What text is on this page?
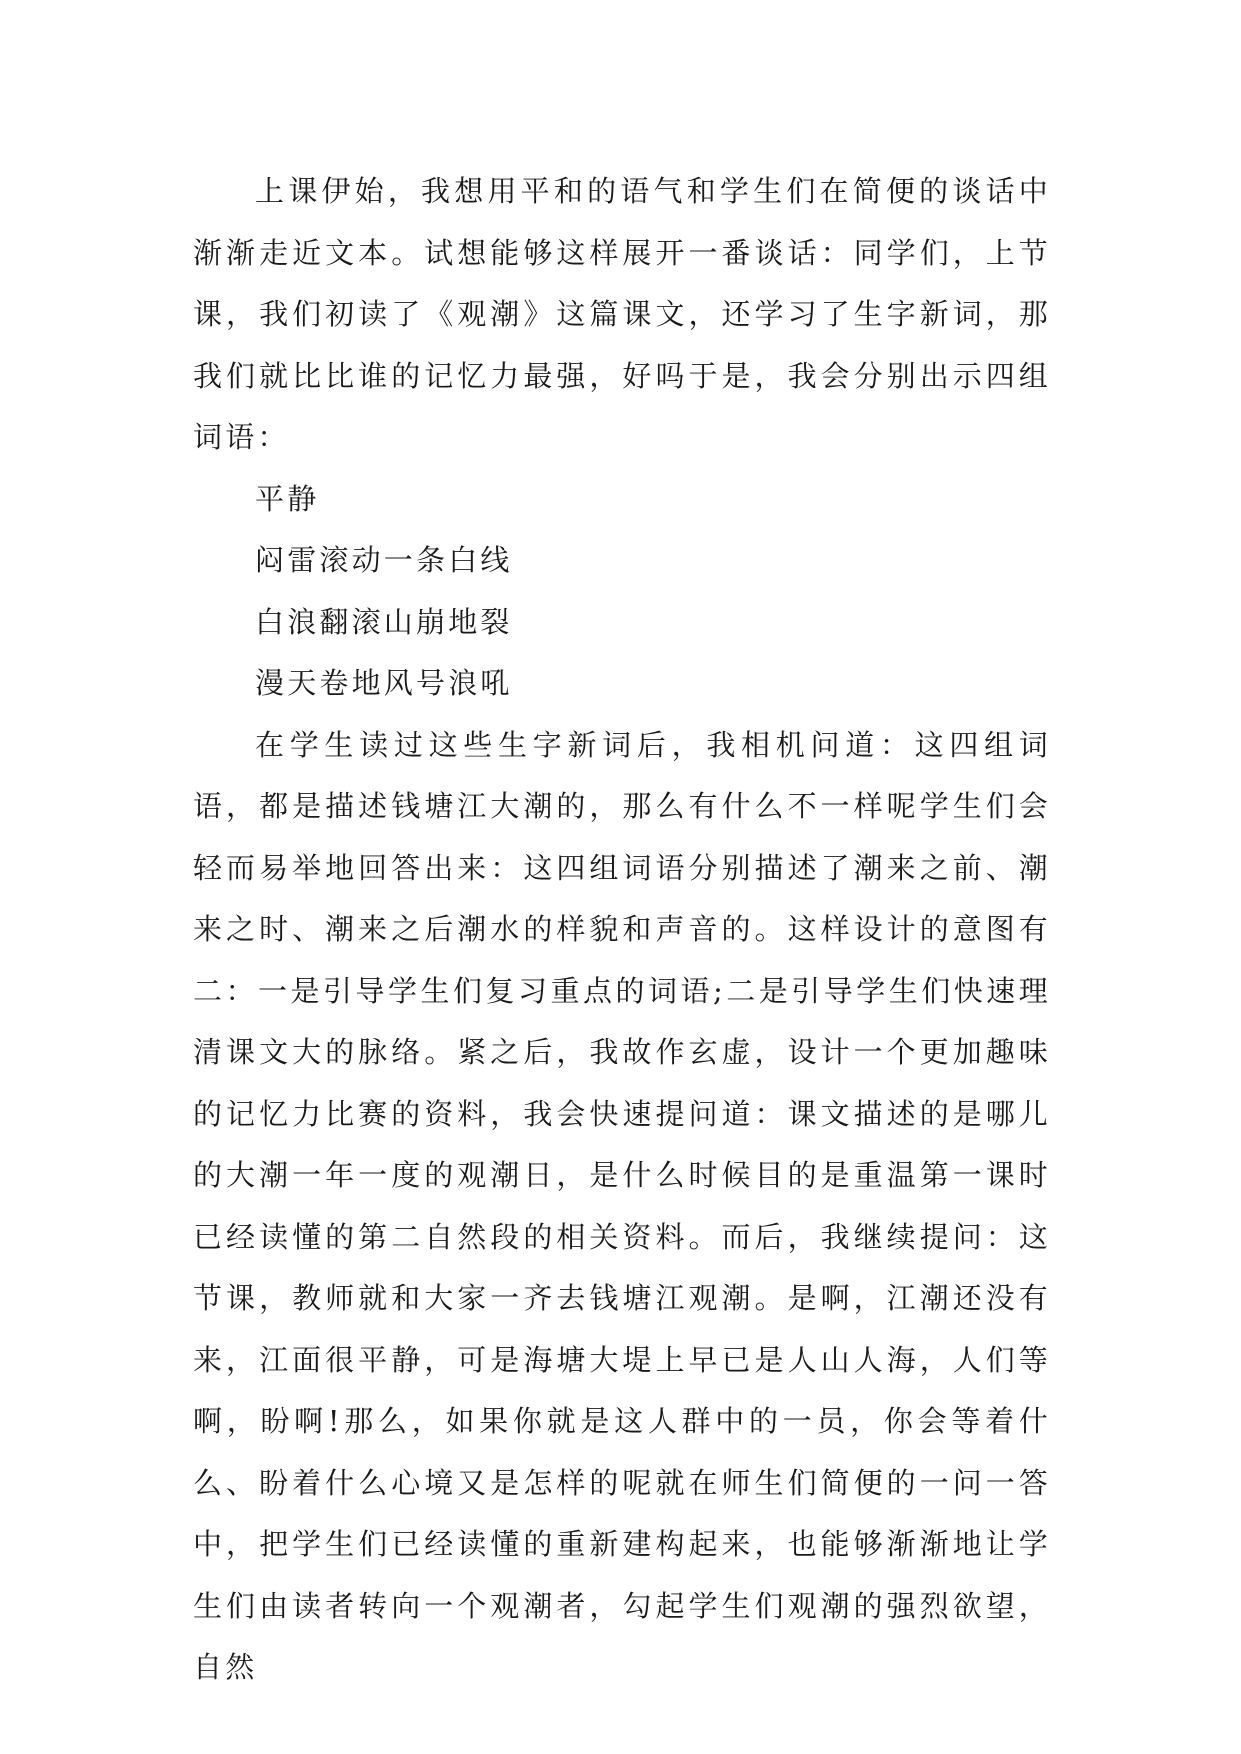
上课伊始，我想用平和的语气和学生们在简便的谈话中渐渐走近文本。试想能够这样展开一番谈话：同学们，上节课，我们初读了《观潮》这篇课文，还学习了生字新词，那我们就比比谁的记忆力最强，好吗于是，我会分别出示四组词语：

平静

闷雷滚动一条白线

白浪翻滚山崩地裂

漫天卷地风号浪吼

在学生读过这些生字新词后，我相机问道：这四组词语，都是描述钱塘江大潮的，那么有什么不一样呢学生们会轻而易举地回答出来：这四组词语分别描述了潮来之前、潮来之时、潮来之后潮水的样貌和声音的。这样设计的意图有二：一是引导学生们复习重点的词语;二是引导学生们快速理清课文大的脉络。紧之后，我故作玄虚，设计一个更加趣味的记忆力比赛的资料，我会快速提问道：课文描述的是哪儿的大潮一年一度的观潮日，是什么时候目的是重温第一课时已经读懂的第二自然段的相关资料。而后，我继续提问：这节课，教师就和大家一齐去钱塘江观潮。是啊，江潮还没有来，江面很平静，可是海塘大堤上早已是人山人海，人们等啊，盼啊!那么，如果你就是这人群中的一员，你会等着什么、盼着什么心境又是怎样的呢就在师生们简便的一问一答中，把学生们已经读懂的重新建构起来，也能够渐渐地让学生们由读者转向一个观潮者，勾起学生们观潮的强烈欲望，自然
